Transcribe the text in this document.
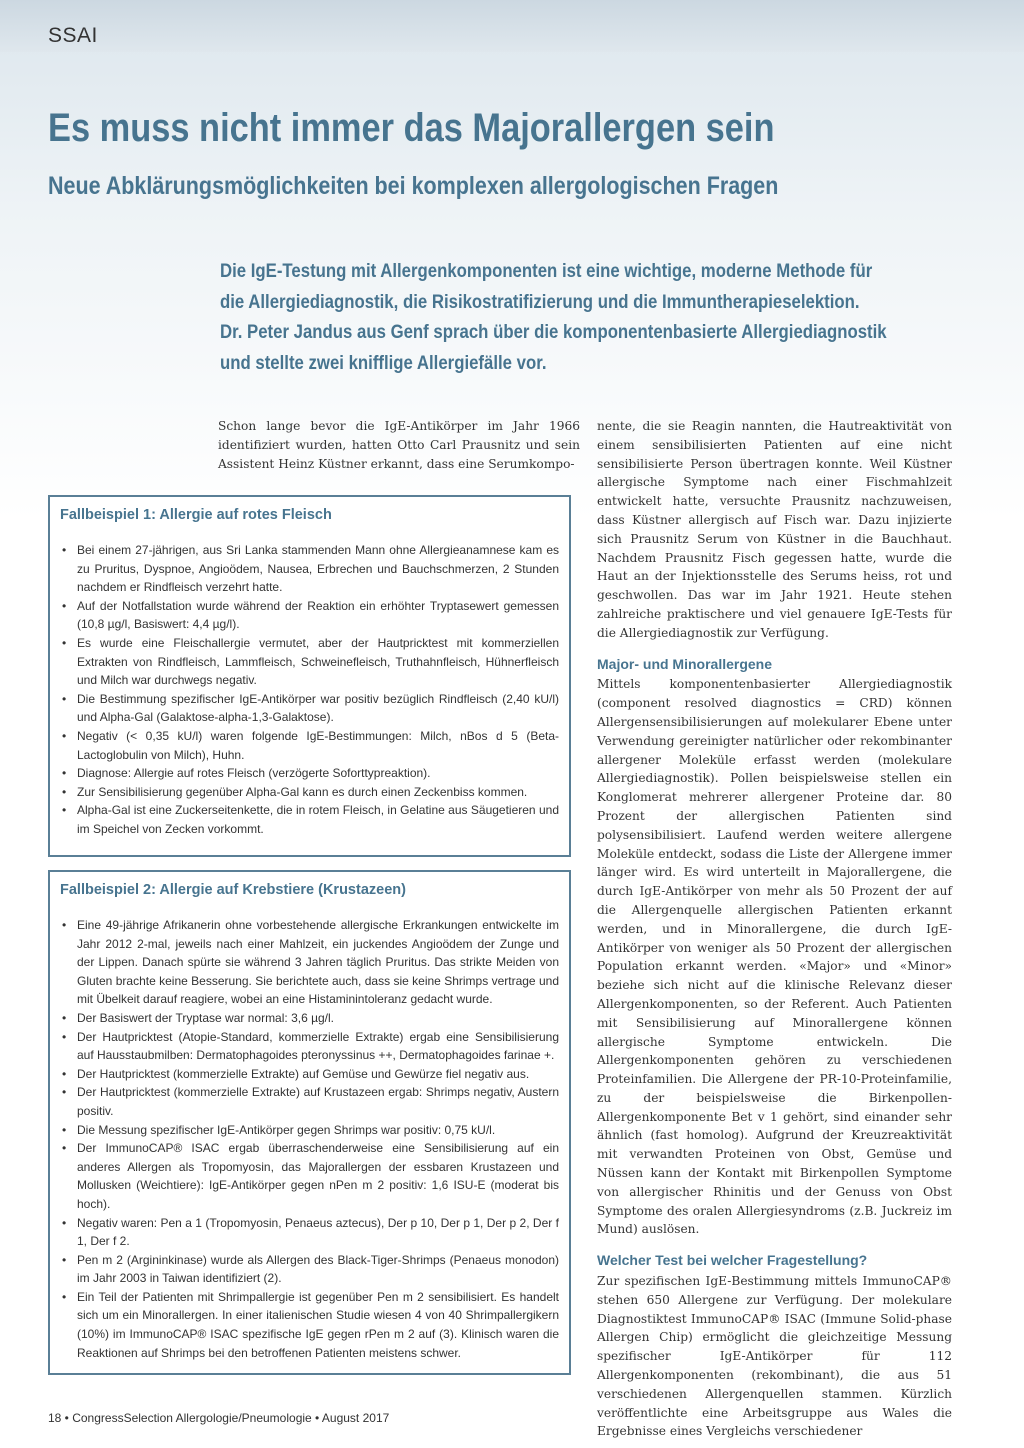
SSAI
Es muss nicht immer das Majorallergen sein
Neue Abklärungsmöglichkeiten bei komplexen allergologischen Fragen
Die IgE-Testung mit Allergenkomponenten ist eine wichtige, moderne Methode für
die Allergiediagnostik, die Risikostratifizierung und die Immuntherapieselektion.
Dr. Peter Jandus aus Genf sprach über die komponentenbasierte Allergiediagnostik
und stellte zwei knifflige Allergiefälle vor.
Schon lange bevor die IgE-Antikörper im Jahr 1966 identifiziert wurden, hatten Otto Carl Prausnitz und sein Assistent Heinz Küstner erkannt, dass eine Serumkompo-
Fallbeispiel 1: Allergie auf rotes Fleisch
• Bei einem 27-jährigen, aus Sri Lanka stammenden Mann ohne Allergieanamnese kam es zu Pruritus, Dyspnoe, Angioödem, Nausea, Erbrechen und Bauchschmerzen, 2 Stunden nachdem er Rindfleisch verzehrt hatte.
• Auf der Notfallstation wurde während der Reaktion ein erhöhter Tryptasewert gemessen (10,8 µg/l, Basiswert: 4,4 µg/l).
• Es wurde eine Fleischallergie vermutet, aber der Hautpricktest mit kommerziellen Extrakten von Rindfleisch, Lammfleisch, Schweinefleisch, Truthahnfleisch, Hühnerfleisch und Milch war durchwegs negativ.
• Die Bestimmung spezifischer IgE-Antikörper war positiv bezüglich Rindfleisch (2,40 kU/l) und Alpha-Gal (Galaktose-alpha-1,3-Galaktose).
• Negativ (< 0,35 kU/l) waren folgende IgE-Bestimmungen: Milch, nBos d 5 (Beta-Lactoglobulin von Milch), Huhn.
• Diagnose: Allergie auf rotes Fleisch (verzögerte Soforttypreaktion).
• Zur Sensibilisierung gegenüber Alpha-Gal kann es durch einen Zeckenbiss kommen.
• Alpha-Gal ist eine Zuckerseitenkette, die in rotem Fleisch, in Gelatine aus Säugetieren und im Speichel von Zecken vorkommt.
Fallbeispiel 2: Allergie auf Krebstiere (Krustazeen)
• Eine 49-jährige Afrikanerin ohne vorbestehende allergische Erkrankungen entwickelte im Jahr 2012 2-mal, jeweils nach einer Mahlzeit, ein juckendes Angioödem der Zunge und der Lippen. Danach spürte sie während 3 Jahren täglich Pruritus. Das strikte Meiden von Gluten brachte keine Besserung. Sie berichtete auch, dass sie keine Shrimps vertrage und mit Übelkeit darauf reagiere, wobei an eine Histaminintoleranz gedacht wurde.
• Der Basiswert der Tryptase war normal: 3,6 µg/l.
• Der Hautpricktest (Atopie-Standard, kommerzielle Extrakte) ergab eine Sensibilisierung auf Hausstaubmilben: Dermatophagoides pteronyssinus ++, Dermatophagoides farinae +.
• Der Hautpricktest (kommerzielle Extrakte) auf Gemüse und Gewürze fiel negativ aus.
• Der Hautpricktest (kommerzielle Extrakte) auf Krustazeen ergab: Shrimps negativ, Austern positiv.
• Die Messung spezifischer IgE-Antikörper gegen Shrimps war positiv: 0,75 kU/l.
• Der ImmunoCAP® ISAC ergab überraschenderweise eine Sensibilisierung auf ein anderes Allergen als Tropomyosin, das Majorallergen der essbaren Krustazeen und Mollusken (Weichtiere): IgE-Antikörper gegen nPen m 2 positiv: 1,6 ISU-E (moderat bis hoch).
• Negativ waren: Pen a 1 (Tropomyosin, Penaeus aztecus), Der p 10, Der p 1, Der p 2, Der f 1, Der f 2.
• Pen m 2 (Argininkinase) wurde als Allergen des Black-Tiger-Shrimps (Penaeus monodon) im Jahr 2003 in Taiwan identifiziert (2).
• Ein Teil der Patienten mit Shrimpallergie ist gegenüber Pen m 2 sensibilisiert. Es handelt sich um ein Minorallergen. In einer italienischen Studie wiesen 4 von 40 Shrimpallergikern (10%) im ImmunoCAP® ISAC spezifische IgE gegen rPen m 2 auf (3). Klinisch waren die Reaktionen auf Shrimps bei den betroffenen Patienten meistens schwer.

nente, die sie Reagin nannten, die Hautreaktivität von einem sensibilisierten Patienten auf eine nicht sensibilisierte Person übertragen konnte. Weil Küstner allergische Symptome nach einer Fischmahlzeit entwickelt hatte, versuchte Prausnitz nachzuweisen, dass Küstner allergisch auf Fisch war. Dazu injizierte sich Prausnitz Serum von Küstner in die Bauchhaut. Nachdem Prausnitz Fisch gegessen hatte, wurde die Haut an der Injektionsstelle des Serums heiss, rot und geschwollen. Das war im Jahr 1921. Heute stehen zahlreiche praktischere und viel genauere IgE-Tests für die Allergiediagnostik zur Verfügung.

Major- und Minorallergene

Mittels komponentenbasierter Allergiediagnostik (component resolved diagnostics = CRD) können Allergensensibilisierungen auf molekularer Ebene unter Verwendung gereinigter natürlicher oder rekombinanter allergener Moleküle erfasst werden (molekulare Allergiediagnostik). Pollen beispielsweise stellen ein Konglomerat mehrerer allergener Proteine dar. 80 Prozent der allergischen Patienten sind polysensibilisiert. Laufend werden weitere allergene Moleküle entdeckt, sodass die Liste der Allergene immer länger wird. Es wird unterteilt in Majorallergene, die durch IgE-Antikörper von mehr als 50 Prozent der auf die Allergenquelle allergischen Patienten erkannt werden, und in Minorallergene, die durch IgE-Antikörper von weniger als 50 Prozent der allergischen Population erkannt werden. «Major» und «Minor» beziehe sich nicht auf die klinische Relevanz dieser Allergenkomponenten, so der Referent. Auch Patienten mit Sensibilisierung auf Minorallergene können allergische Symptome entwickeln. Die Allergenkomponenten gehören zu verschiedenen Proteinfamilien. Die Allergene der PR-10-Proteinfamilie, zu der beispielsweise die Birkenpollen-Allergenkomponente Bet v 1 gehört, sind einander sehr ähnlich (fast homolog). Aufgrund der Kreuzreaktivität mit verwandten Proteinen von Obst, Gemüse und Nüssen kann der Kontakt mit Birkenpollen Symptome von allergischer Rhinitis und der Genuss von Obst Symptome des oralen Allergiesyndroms (z.B. Juckreiz im Mund) auslösen.

Welcher Test bei welcher Fragestellung?

Zur spezifischen IgE-Bestimmung mittels ImmunoCAP® stehen 650 Allergene zur Verfügung. Der molekulare Diagnostiktest ImmunoCAP® ISAC (Immune Solid-phase Allergen Chip) ermöglicht die gleichzeitige Messung spezifischer IgE-Antikörper für 112 Allergenkomponenten (rekombinant), die aus 51 verschiedenen Allergenquellen stammen. Kürzlich veröffentlichte eine Arbeitsgruppe aus Wales die Ergebnisse eines Vergleichs verschiedener

18 • CongressSelection Allergologie/Pneumologie • August 2017
